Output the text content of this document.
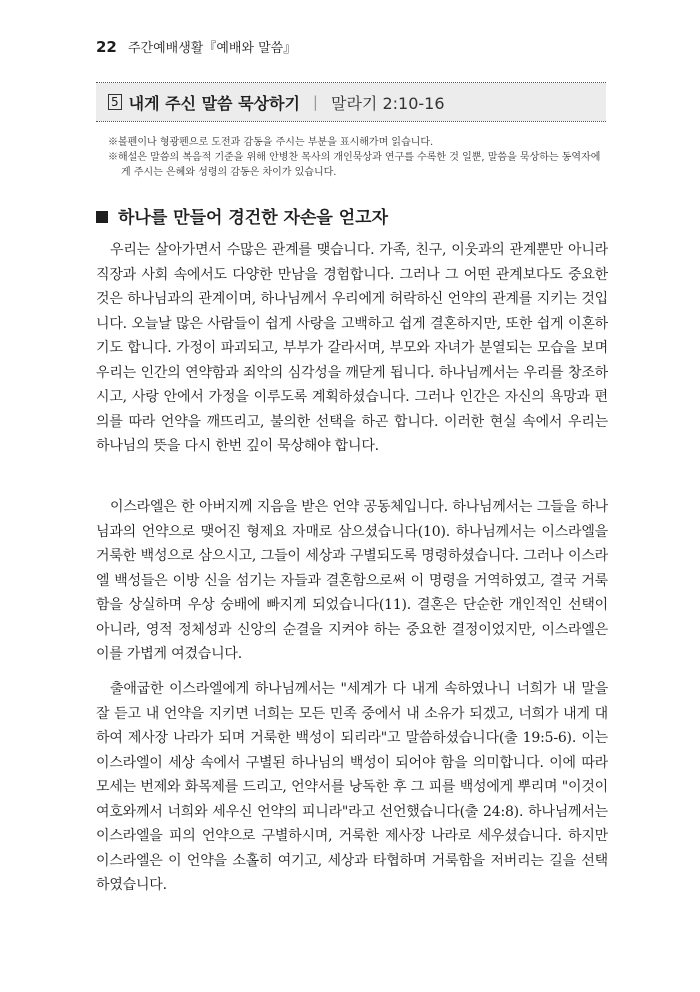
22 주간예배생활『예배와 말씀』
5 내게 주신 말씀 묵상하기 | 말라기 2:10-16
※볼펜이나 형광펜으로 도전과 감동을 주시는 부분을 표시해가며 읽습니다.
※해설은 말씀의 복음적 기준을 위해 안병찬 목사의 개인묵상과 연구를 수록한 것 일뿐, 말씀을 묵상하는 동역자에게 주시는 은혜와 성령의 감동은 차이가 있습니다.
하나를 만들어 경건한 자손을 얻고자

우리는 살아가면서 수많은 관계를 맺습니다. 가족, 친구, 이웃과의 관계뿐만 아니라 직장과 사회 속에서도 다양한 만남을 경험합니다. 그러나 그 어떤 관계보다도 중요한 것은 하나님과의 관계이며, 하나님께서 우리에게 허락하신 언약의 관계를 지키는 것입니다. 오늘날 많은 사람들이 쉽게 사랑을 고백하고 쉽게 결혼하지만, 또한 쉽게 이혼하기도 합니다. 가정이 파괴되고, 부부가 갈라서며, 부모와 자녀가 분열되는 모습을 보며 우리는 인간의 연약함과 죄악의 심각성을 깨닫게 됩니다. 하나님께서는 우리를 창조하시고, 사랑 안에서 가정을 이루도록 계획하셨습니다. 그러나 인간은 자신의 욕망과 편의를 따라 언약을 깨뜨리고, 불의한 선택을 하곤 합니다. 이러한 현실 속에서 우리는 하나님의 뜻을 다시 한번 깊이 묵상해야 합니다.

이스라엘은 한 아버지께 지음을 받은 언약 공동체입니다. 하나님께서는 그들을 하나님과의 언약으로 맺어진 형제요 자매로 삼으셨습니다(10). 하나님께서는 이스라엘을 거룩한 백성으로 삼으시고, 그들이 세상과 구별되도록 명령하셨습니다. 그러나 이스라엘 백성들은 이방 신을 섬기는 자들과 결혼함으로써 이 명령을 거역하였고, 결국 거룩함을 상실하며 우상 숭배에 빠지게 되었습니다(11). 결혼은 단순한 개인적인 선택이 아니라, 영적 정체성과 신앙의 순결을 지켜야 하는 중요한 결정이었지만, 이스라엘은 이를 가볍게 여겼습니다.

출애굽한 이스라엘에게 하나님께서는 "세계가 다 내게 속하였나니 너희가 내 말을 잘 듣고 내 언약을 지키면 너희는 모든 민족 중에서 내 소유가 되겠고, 너희가 내게 대하여 제사장 나라가 되며 거룩한 백성이 되리라"고 말씀하셨습니다(출 19:5-6). 이는 이스라엘이 세상 속에서 구별된 하나님의 백성이 되어야 함을 의미합니다. 이에 따라 모세는 번제와 화목제를 드리고, 언약서를 낭독한 후 그 피를 백성에게 뿌리며 "이것이 여호와께서 너희와 세우신 언약의 피니라"라고 선언했습니다(출 24:8). 하나님께서는 이스라엘을 피의 언약으로 구별하시며, 거룩한 제사장 나라로 세우셨습니다. 하지만 이스라엘은 이 언약을 소홀히 여기고, 세상과 타협하며 거룩함을 저버리는 길을 선택하였습니다.
